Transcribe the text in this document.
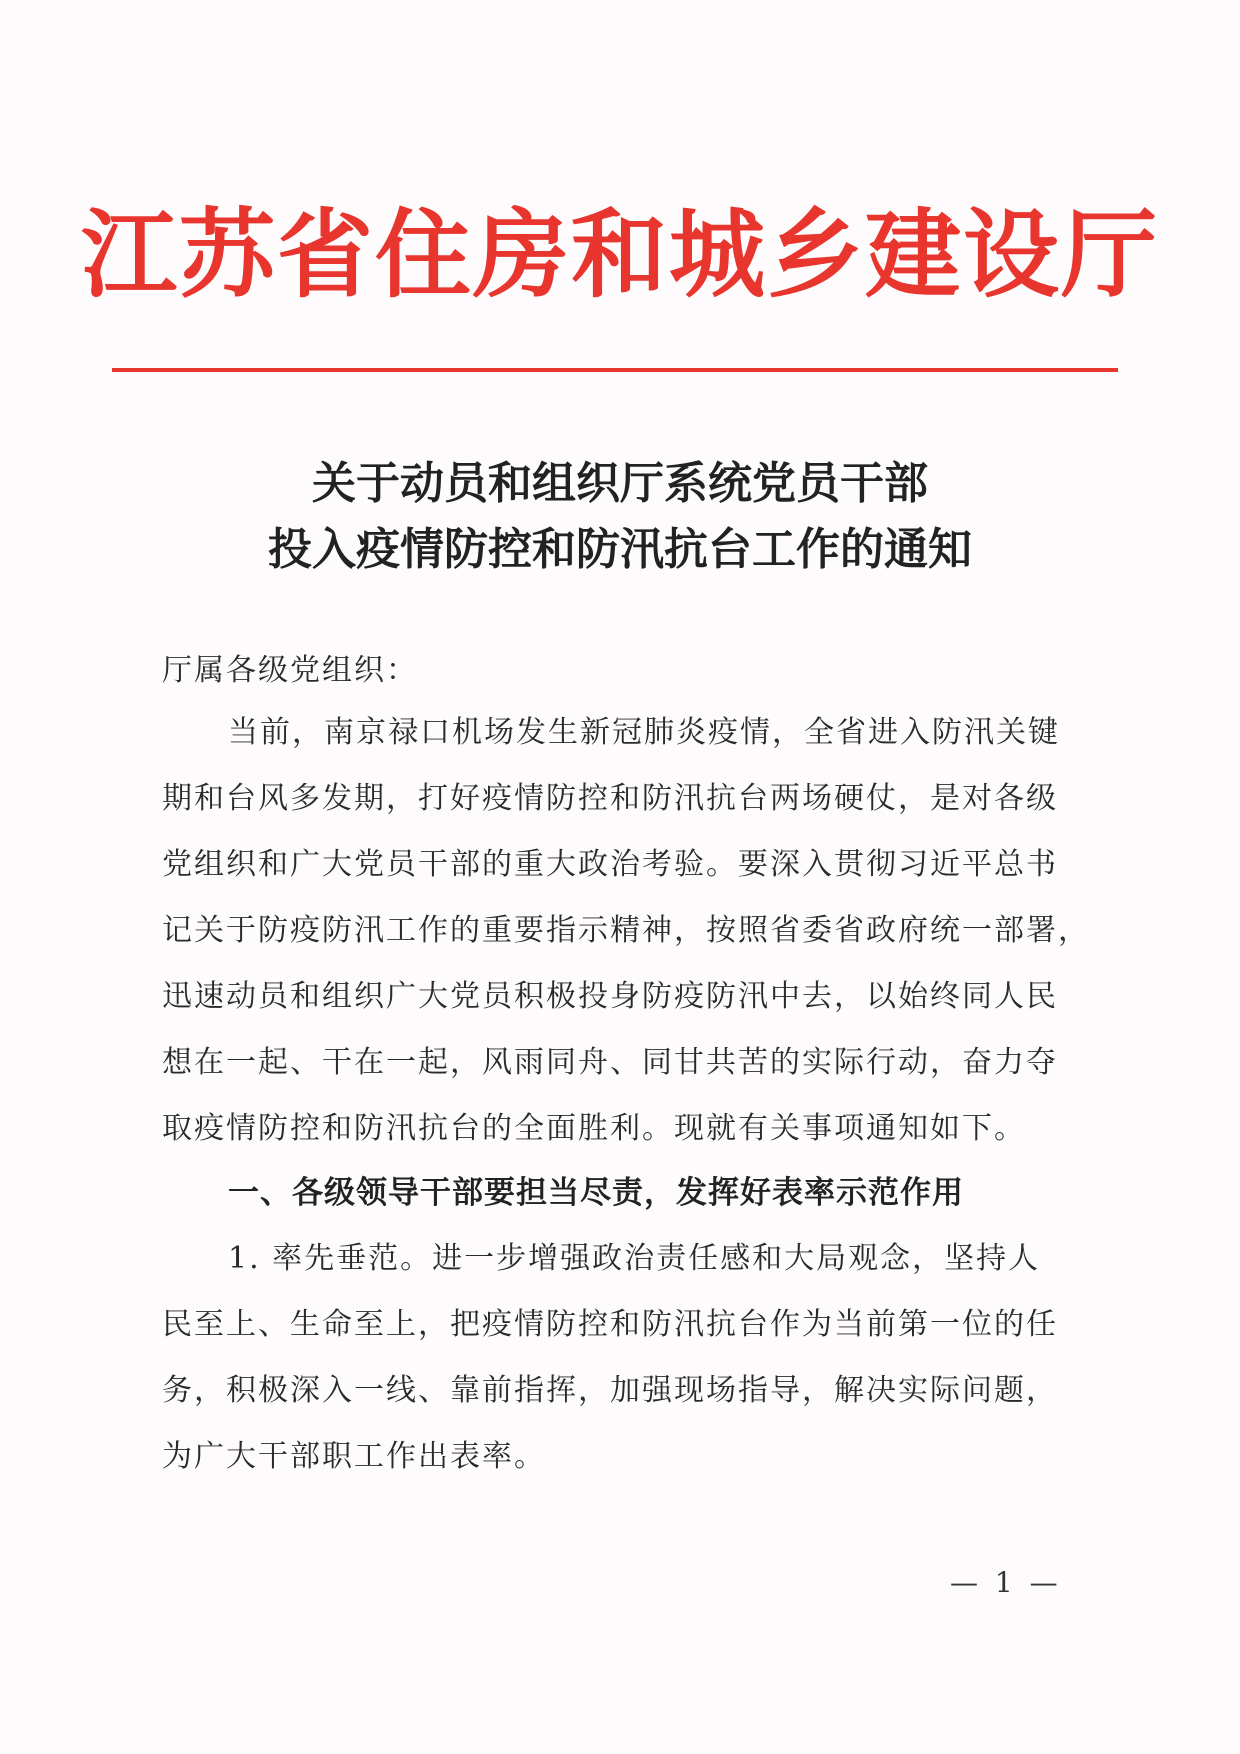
江苏省住房和城乡建设厅
关于动员和组织厅系统党员干部
投入疫情防控和防汛抗台工作的通知
厅属各级党组织：
当前，南京禄口机场发生新冠肺炎疫情，全省进入防汛关键
期和台风多发期，打好疫情防控和防汛抗台两场硬仗，是对各级
党组织和广大党员干部的重大政治考验。要深入贯彻习近平总书
记关于防疫防汛工作的重要指示精神，按照省委省政府统一部署，
迅速动员和组织广大党员积极投身防疫防汛中去，以始终同人民
想在一起、干在一起，风雨同舟、同甘共苦的实际行动，奋力夺
取疫情防控和防汛抗台的全面胜利。现就有关事项通知如下。
一、各级领导干部要担当尽责，发挥好表率示范作用
1. 率先垂范。进一步增强政治责任感和大局观念，坚持人
民至上、生命至上，把疫情防控和防汛抗台作为当前第一位的任
务，积极深入一线、靠前指挥，加强现场指导，解决实际问题，
为广大干部职工作出表率。
— 1 —
